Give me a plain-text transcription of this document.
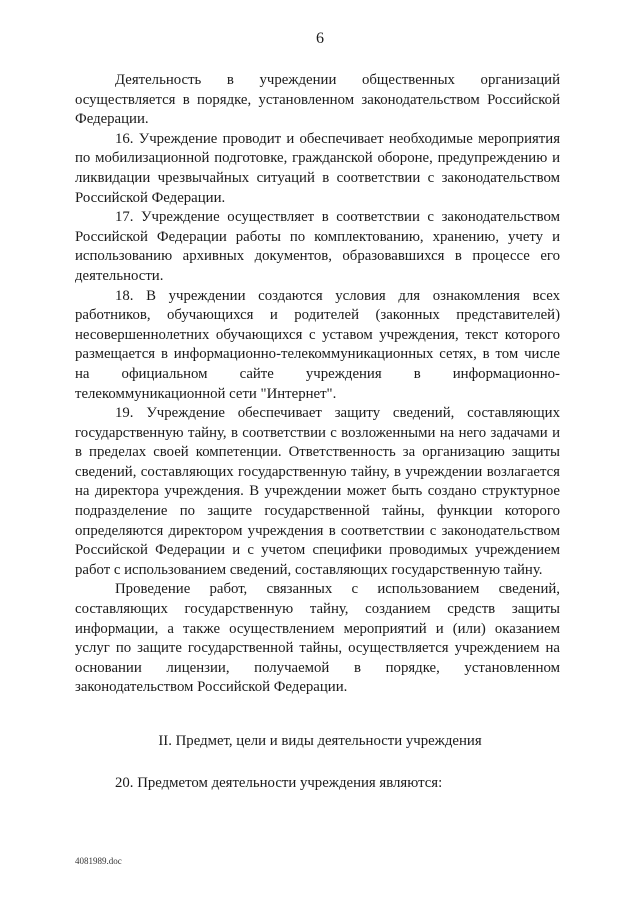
6

Деятельность в учреждении общественных организаций осуществляется в порядке, установленном законодательством Российской Федерации.

16. Учреждение проводит и обеспечивает необходимые мероприятия по мобилизационной подготовке, гражданской обороне, предупреждению и ликвидации чрезвычайных ситуаций в соответствии с законодательством Российской Федерации.

17. Учреждение осуществляет в соответствии с законодательством Российской Федерации работы по комплектованию, хранению, учету и использованию архивных документов, образовавшихся в процессе его деятельности.

18. В учреждении создаются условия для ознакомления всех работников, обучающихся и родителей (законных представителей) несовершеннолетних обучающихся с уставом учреждения, текст которого размещается в информационно-телекоммуникационных сетях, в том числе на официальном сайте учреждения в информационно-телекоммуникационной сети "Интернет".

19. Учреждение обеспечивает защиту сведений, составляющих государственную тайну, в соответствии с возложенными на него задачами и в пределах своей компетенции. Ответственность за организацию защиты сведений, составляющих государственную тайну, в учреждении возлагается на директора учреждения. В учреждении может быть создано структурное подразделение по защите государственной тайны, функции которого определяются директором учреждения в соответствии с законодательством Российской Федерации и с учетом специфики проводимых учреждением работ с использованием сведений, составляющих государственную тайну.

Проведение работ, связанных с использованием сведений, составляющих государственную тайну, созданием средств защиты информации, а также осуществлением мероприятий и (или) оказанием услуг по защите государственной тайны, осуществляется учреждением на основании лицензии, получаемой в порядке, установленном законодательством Российской Федерации.

II. Предмет, цели и виды деятельности учреждения
20. Предметом деятельности учреждения являются:
4081989.doc
